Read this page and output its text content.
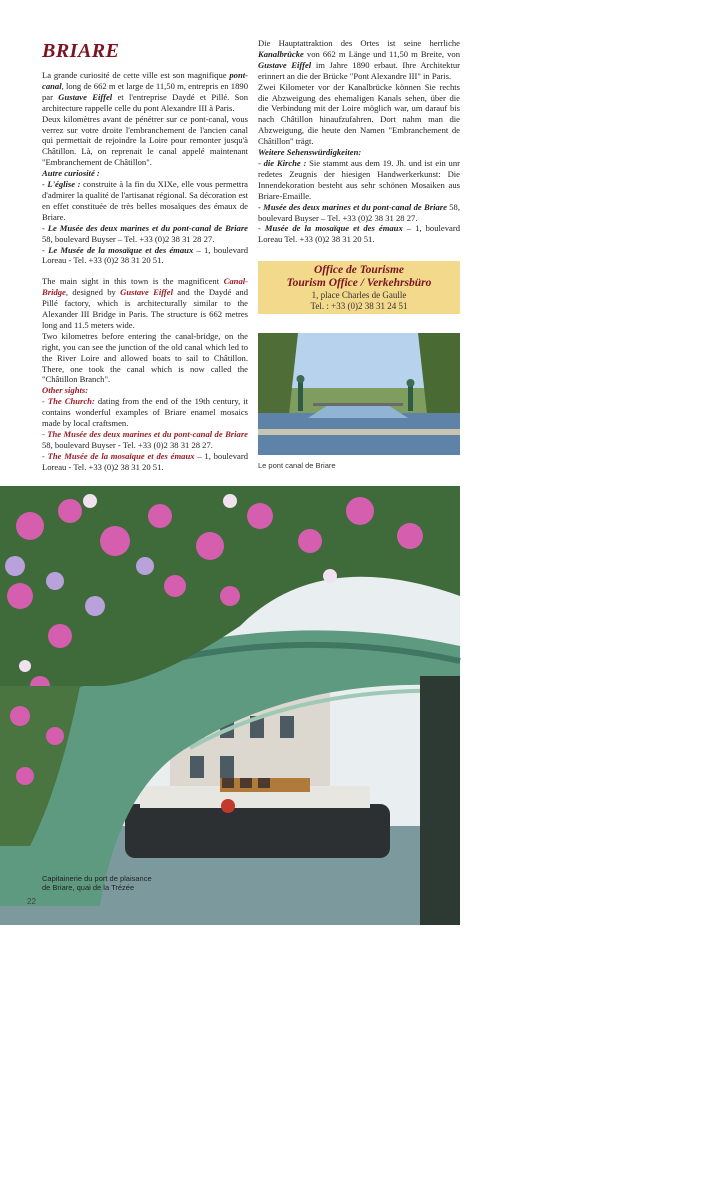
BRIARE

La grande curiosité de cette ville est son magnifique pont-canal, long de 662 m et large de 11,50 m, entrepris en 1890 par Gustave Eiffel et l'entreprise Daydé et Pillé. Son architecture rappelle celle du pont Alexandre III à Paris.

Deux kilomètres avant de pénétrer sur ce pont-canal, vous verrez sur votre droite l'embranchement de l'ancien canal qui permettait de rejoindre la Loire pour remonter jusqu'à Châtillon. Là, on reprenait le canal appelé maintenant "Embranchement de Châtillon".

Autre curiosité :

- L'église : construite à la fin du XIXe, elle vous permettra d'admirer la qualité de l'artisanat régional. Sa décoration est en effet constituée de très belles mosaïques des émaux de Briare.

- Le Musée des deux marines et du pont-canal de Briare 58, boulevard Buyser – Tel. +33 (0)2 38 31 28 27.

- Le Musée de la mosaïque et des émaux – 1, boulevard Loreau - Tel. +33 (0)2 38 31 20 51.

The main sight in this town is the magnificent Canal-Bridge, designed by Gustave Eiffel and the Daydé and Pillé factory, which is architecturally similar to the Alexander III Bridge in Paris. The structure is 662 metres long and 11.5 meters wide.

Two kilometres before entering the canal-bridge, on the right, you can see the junction of the old canal which led to the River Loire and allowed boats to sail to Châtillon. There, one took the canal which is now called the "Châtillon Branch".

Other sights:

- The Church: dating from the end of the 19th century, it contains wonderful examples of Briare enamel mosaics made by local craftsmen.

- The Musée des deux marines et du pont-canal de Briare 58, boulevard Buyser - Tel. +33 (0)2 38 31 28 27.

- The Musée de la mosaïque et des émaux – 1, boulevard Loreau - Tel. +33 (0)2 38 31 20 51.

Die Hauptattraktion des Ortes ist seine herrliche Kanalbrücke von 662 m Länge und 11,50 m Breite, von Gustave Eiffel im Jahre 1890 erbaut. Ihre Architektur erinnert an die der Brücke "Pont Alexandre III" in Paris.

Zwei Kilometer vor der Kanalbrücke können Sie rechts die Abzweigung des ehemaligen Kanals sehen, über die die Verbindung mit der Loire möglich war, um darauf bis nach Châtillon hinaufzufahren. Dort nahm man die Abzweigung, die heute den Namen "Embranchement de Châtillon" trägt.

Weitere Sehenswürdigkeiten:

- die Kirche : Sie stammt aus dem 19. Jh. und ist ein unr redetes Zeugnis der hiesigen Handwerkerkunst: Die Innendekoration besteht aus sehr schönen Mosaiken aus Briare-Emaille.

- Musée des deux marines et du pont-canal de Briare 58, boulevard Buyser – Tel. +33 (0)2 38 31 28 27.

- Musée de la mosaïque et des émaux – 1, boulevard Loreau Tel. +33 (0)2 38 31 20 51.

Office de Tourisme
Tourism Office / Verkehrsbüro
1, place Charles de Gaulle
Tel. : +33 (0)2 38 31 24 51
PJL
Le pont canal de Briare
PJL
Capitainerie du port de plaisance de Briare, quai de la Trézée
22
